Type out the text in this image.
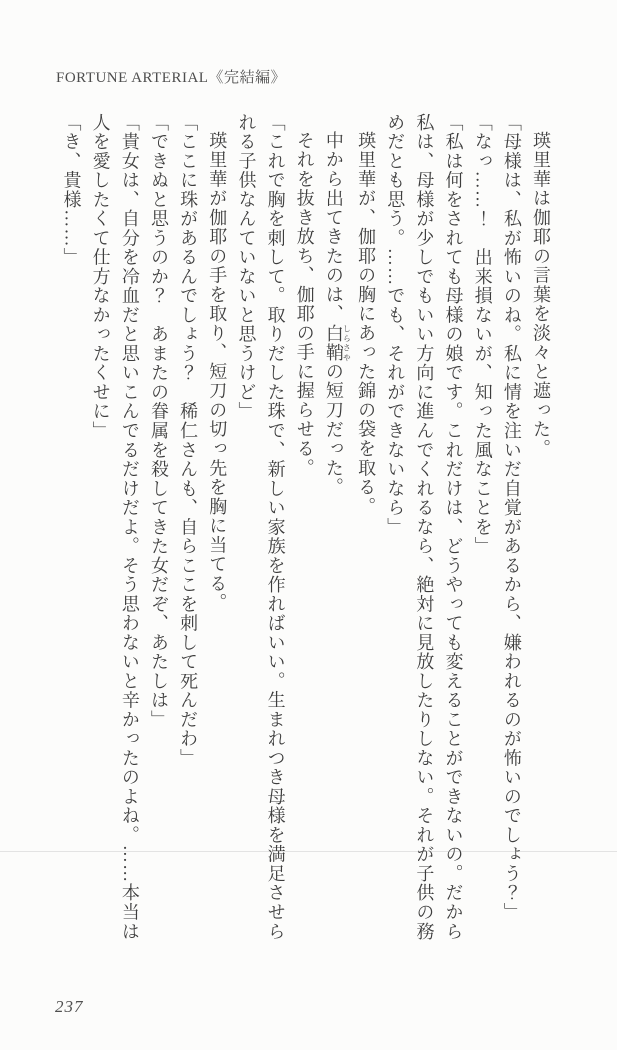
FORTUNE ARTERIAL《完結編》

瑛里華は伽耶の言葉を淡々と遮った。

「母様は、私が怖いのね。私に情を注いだ自覚があるから、嫌われるのが怖いのでしょう？」

「なっ……！　出来損ないが、知った風なことを」

「私は何をされても母様の娘です。これだけは、どうやっても変えることができないの。だから私は、母様が少しでもいい方向に進んでくれるなら、絶対に見放したりしない。それが子供の務めだとも思う。……でも、それができないなら」

瑛里華が、伽耶の胸にあった錦の袋を取る。

中から出てきたのは、白鞘しらさやの短刀だった。

それを抜き放ち、伽耶の手に握らせる。

「これで胸を刺して。取りだした珠で、新しい家族を作ればいい。生まれつき母様を満足させられる子供なんていないと思うけど」

瑛里華が伽耶の手を取り、短刀の切っ先を胸に当てる。

「ここに珠があるんでしょう？　稀仁さんも、自らここを刺して死んだわ」

「できぬと思うのか？　あまたの眷属を殺してきた女だぞ、あたしは」

「貴女は、自分を冷血だと思いこんでるだけだよ。そう思わないと辛かったのよね。……本当は人を愛したくて仕方なかったくせに」

「き、貴様……」

237
